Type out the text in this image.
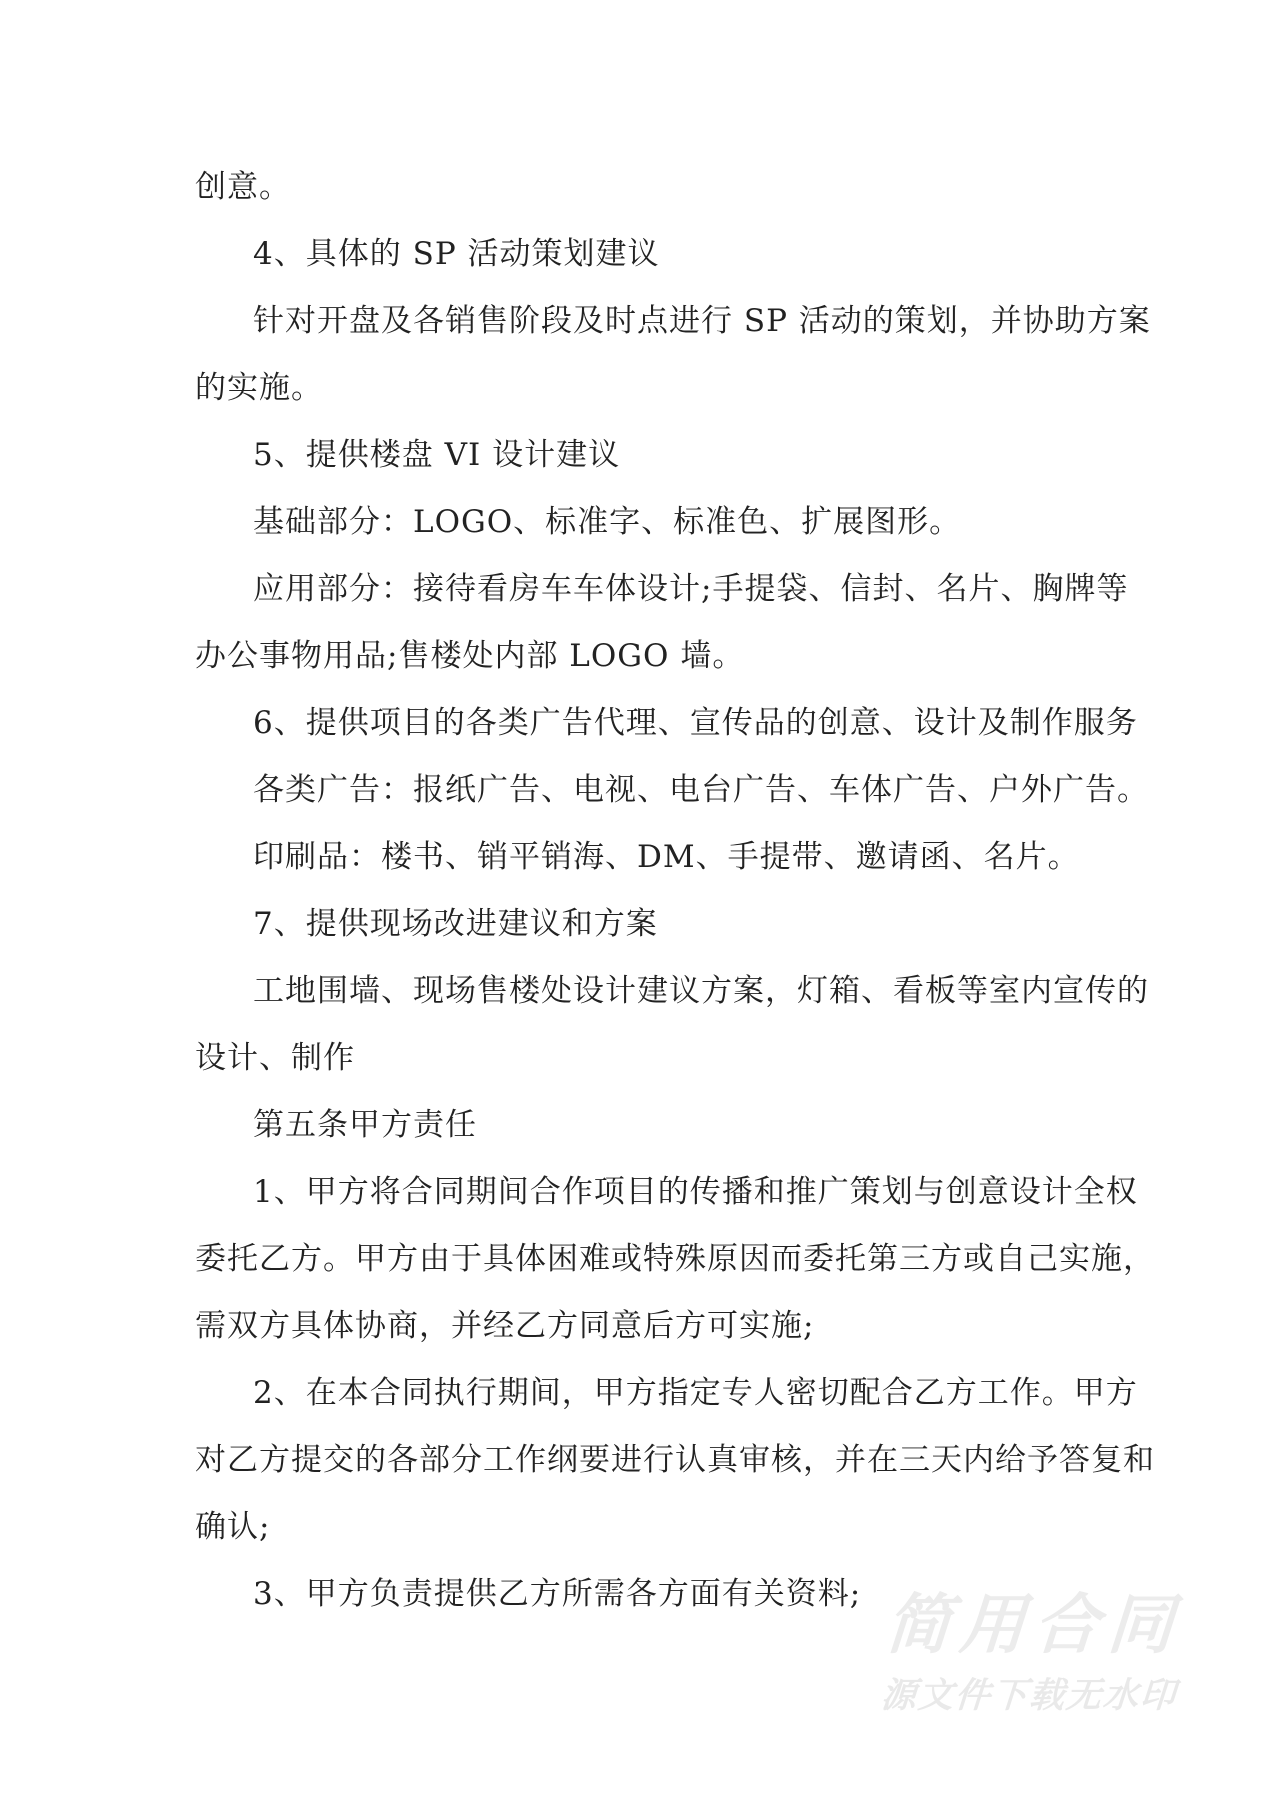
创意。
4、具体的 SP 活动策划建议
针对开盘及各销售阶段及时点进行 SP 活动的策划，并协助方案
的实施。
5、提供楼盘 VI 设计建议
基础部分：LOGO、标准字、标准色、扩展图形。
应用部分：接待看房车车体设计;手提袋、信封、名片、胸牌等
办公事物用品;售楼处内部 LOGO 墙。
6、提供项目的各类广告代理、宣传品的创意、设计及制作服务
各类广告：报纸广告、电视、电台广告、车体广告、户外广告。
印刷品：楼书、销平销海、DM、手提带、邀请函、名片。
7、提供现场改进建议和方案
工地围墙、现场售楼处设计建议方案，灯箱、看板等室内宣传的
设计、制作
第五条甲方责任
1、甲方将合同期间合作项目的传播和推广策划与创意设计全权
委托乙方。甲方由于具体困难或特殊原因而委托第三方或自己实施，
需双方具体协商，并经乙方同意后方可实施;
2、在本合同执行期间，甲方指定专人密切配合乙方工作。甲方
对乙方提交的各部分工作纲要进行认真审核，并在三天内给予答复和
确认;
3、甲方负责提供乙方所需各方面有关资料; 简用合同
源文件下载无水印
